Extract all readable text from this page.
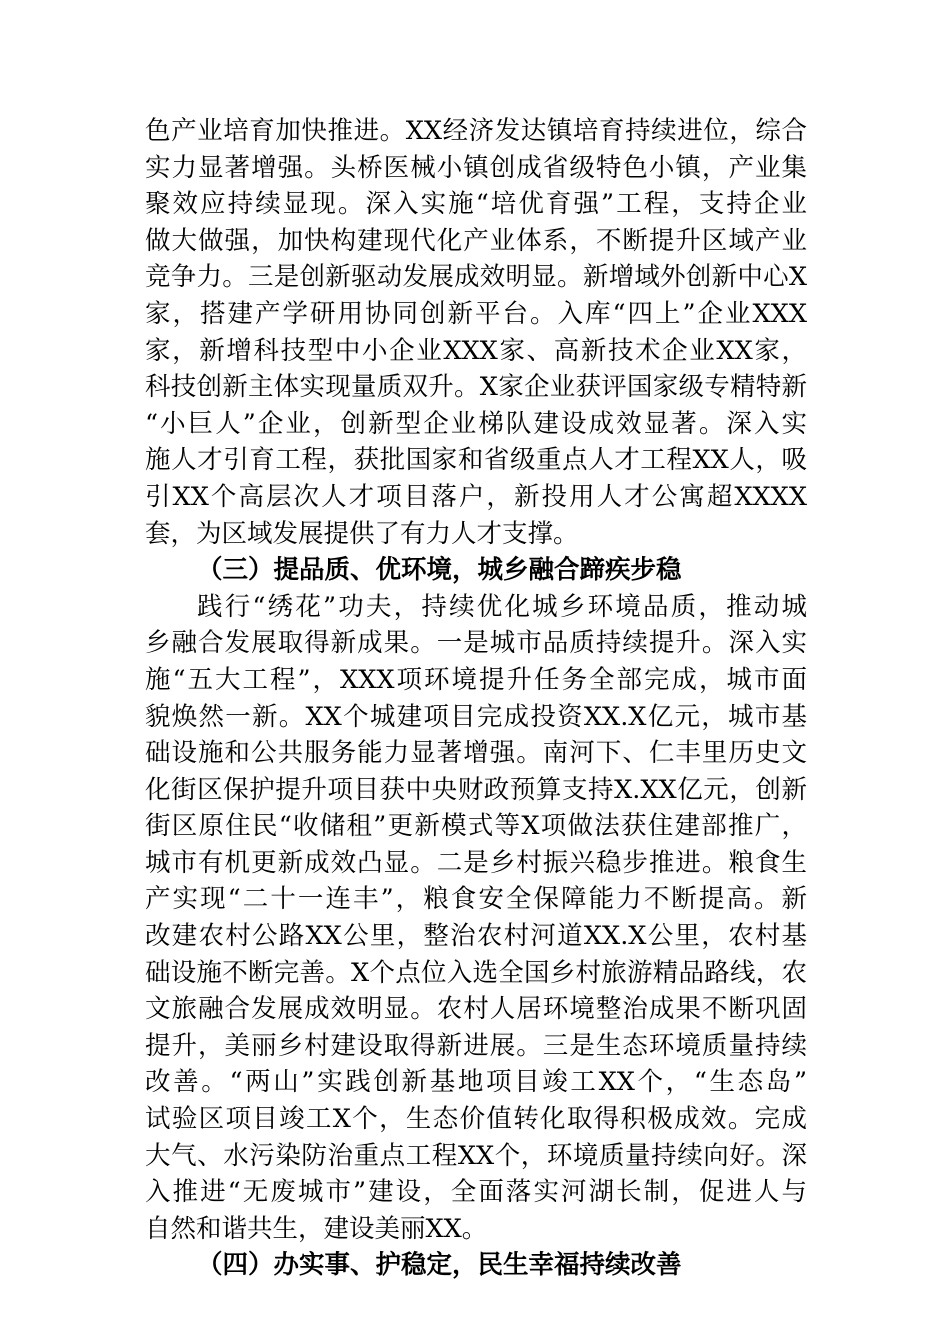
色产业培育加快推进。XX经济发达镇培育持续进位，综合
实力显著增强。头桥医械小镇创成省级特色小镇，产业集
聚效应持续显现。深入实施“培优育强”工程，支持企业
做大做强，加快构建现代化产业体系，不断提升区域产业
竞争力。三是创新驱动发展成效明显。新增域外创新中心X
家，搭建产学研用协同创新平台。入库“四上”企业XXX
家，新增科技型中小企业XXX家、高新技术企业XX家，
科技创新主体实现量质双升。X家企业获评国家级专精特新
“小巨人”企业，创新型企业梯队建设成效显著。深入实
施人才引育工程，获批国家和省级重点人才工程XX人，吸
引XX个高层次人才项目落户，新投用人才公寓超XXXX
套，为区域发展提供了有力人才支撑。
（三）提品质、优环境，城乡融合蹄疾步稳
践行“绣花”功夫，持续优化城乡环境品质，推动城
乡融合发展取得新成果。一是城市品质持续提升。深入实
施“五大工程”，XXX项环境提升任务全部完成，城市面
貌焕然一新。XX个城建项目完成投资XX.X亿元，城市基
础设施和公共服务能力显著增强。南河下、仁丰里历史文
化街区保护提升项目获中央财政预算支持X.XX亿元，创新
街区原住民“收储租”更新模式等X项做法获住建部推广，
城市有机更新成效凸显。二是乡村振兴稳步推进。粮食生
产实现“二十一连丰”，粮食安全保障能力不断提高。新
改建农村公路XX公里，整治农村河道XX.X公里，农村基
础设施不断完善。X个点位入选全国乡村旅游精品路线，农
文旅融合发展成效明显。农村人居环境整治成果不断巩固
提升，美丽乡村建设取得新进展。三是生态环境质量持续
改善。“两山”实践创新基地项目竣工XX个，“生态岛”
试验区项目竣工X个，生态价值转化取得积极成效。完成
大气、水污染防治重点工程XX个，环境质量持续向好。深
入推进“无废城市”建设，全面落实河湖长制，促进人与
自然和谐共生，建设美丽XX。
（四）办实事、护稳定，民生幸福持续改善
